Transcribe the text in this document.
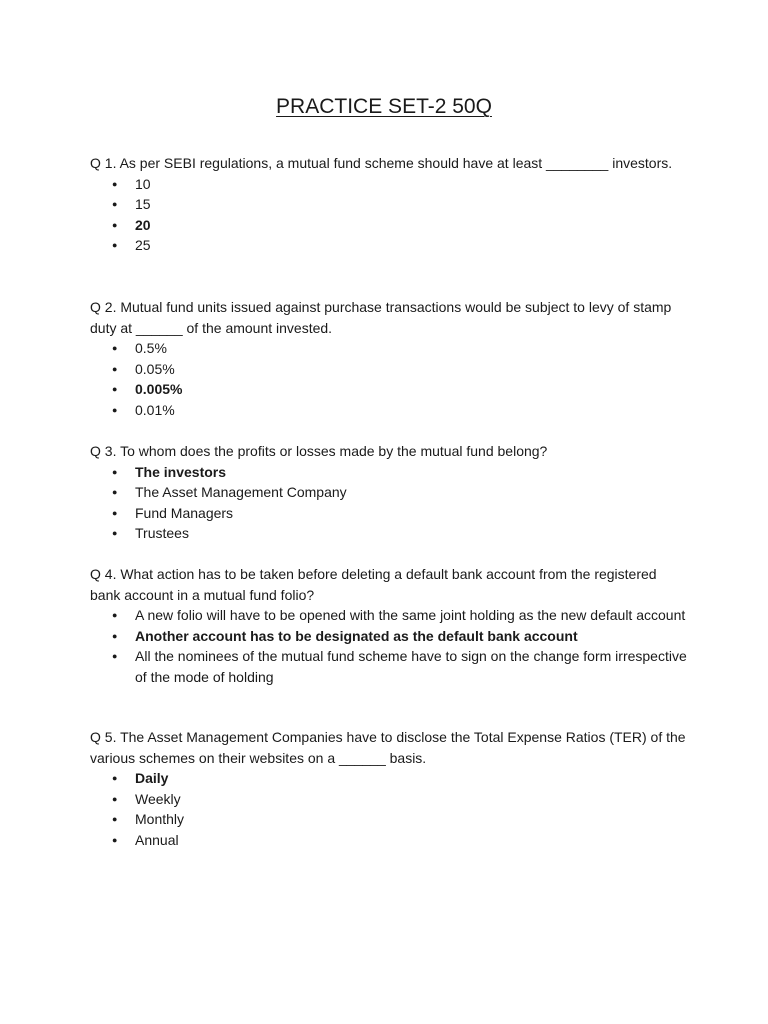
PRACTICE SET-2 50Q

Q 1. As per SEBI regulations, a mutual fund scheme should have at least ________ investors.

● 10
● 15
● 20
● 25

Q 2. Mutual fund units issued against purchase transactions would be subject to levy of stamp duty at ______ of the amount invested.

● 0.5%
● 0.05%
● 0.005%
● 0.01%

Q 3. To whom does the profits or losses made by the mutual fund belong?

● The investors
● The Asset Management Company
● Fund Managers
● Trustees

Q 4. What action has to be taken before deleting a default bank account from the registered bank account in a mutual fund folio?

● A new folio will have to be opened with the same joint holding as the new default account
● Another account has to be designated as the default bank account
● All the nominees of the mutual fund scheme have to sign on the change form irrespective of the mode of holding

Q 5. The Asset Management Companies have to disclose the Total Expense Ratios (TER) of the various schemes on their websites on a ______ basis.

● Daily
● Weekly
● Monthly
● Annual
